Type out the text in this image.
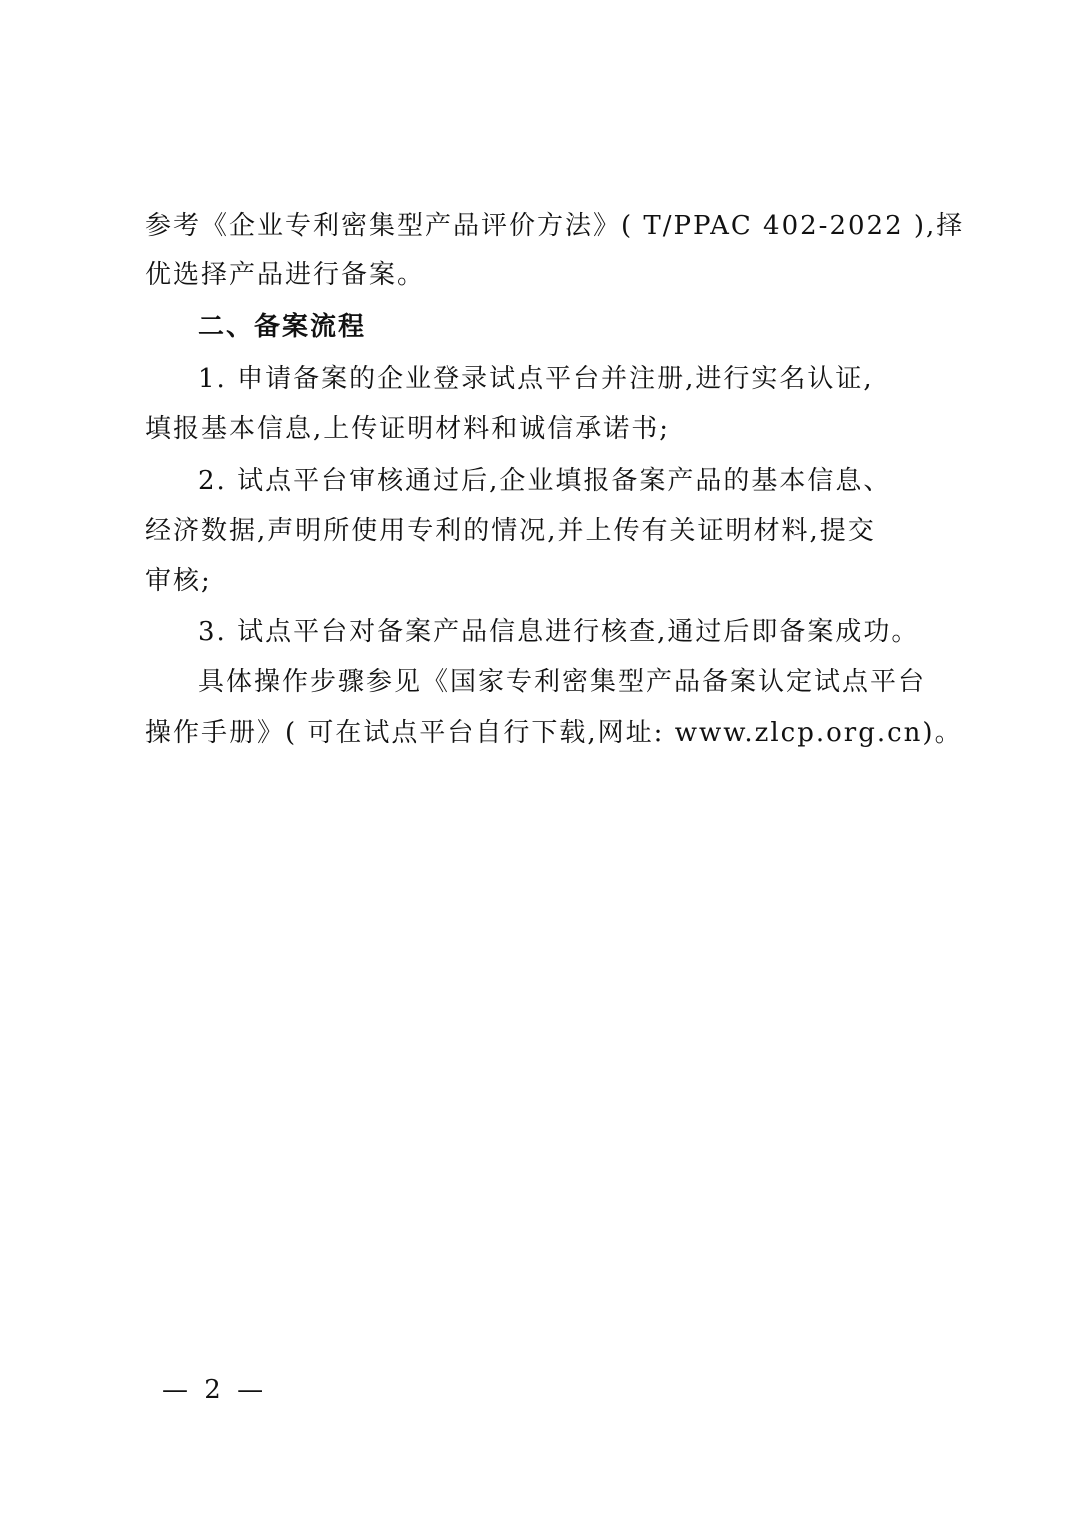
参考《企业专利密集型产品评价方法》( T/PPAC 402-2022 ),择
优选择产品进行备案。
二、备案流程
1. 申请备案的企业登录试点平台并注册,进行实名认证,
填报基本信息,上传证明材料和诚信承诺书;
2. 试点平台审核通过后,企业填报备案产品的基本信息、
经济数据,声明所使用专利的情况,并上传有关证明材料,提交
审核;
3. 试点平台对备案产品信息进行核查,通过后即备案成功。
具体操作步骤参见《国家专利密集型产品备案认定试点平台
操作手册》( 可在试点平台自行下载,网址: www.zlcp.org.cn)。
— 2 —
